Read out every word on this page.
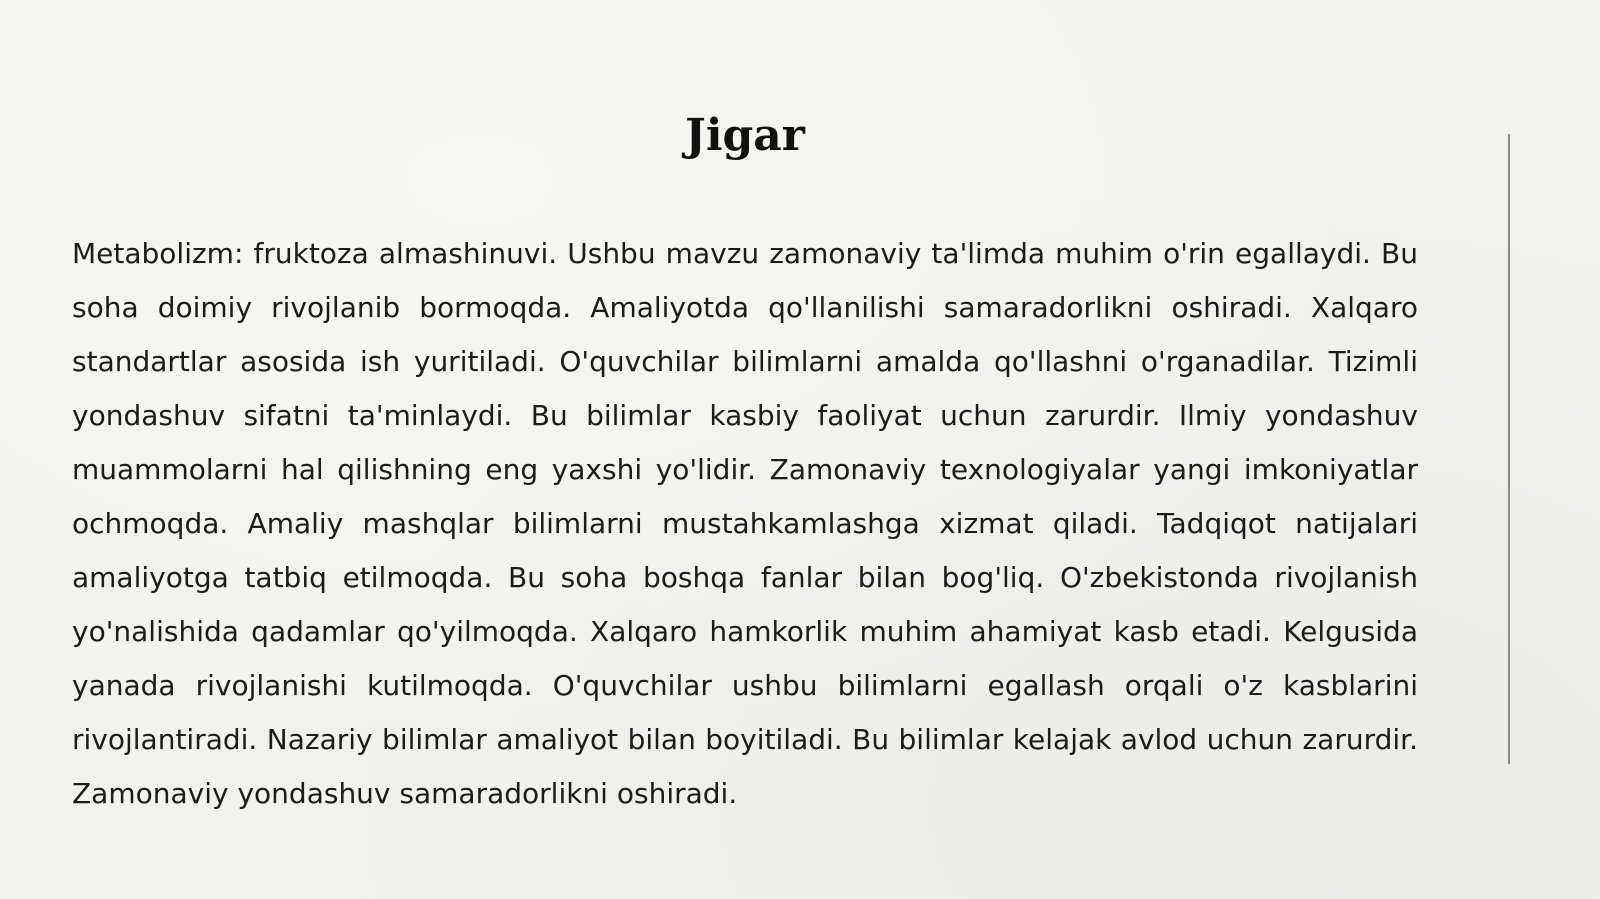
Jigar

Metabolizm: fruktoza almashinuvi. Ushbu mavzu zamonaviy ta'limda muhim o'rin egallaydi. Bu soha doimiy rivojlanib bormoqda. Amaliyotda qo'llanilishi samaradorlikni oshiradi. Xalqaro standartlar asosida ish yuritiladi. O'quvchilar bilimlarni amalda qo'llashni o'rganadilar. Tizimli yondashuv sifatni ta'minlaydi. Bu bilimlar kasbiy faoliyat uchun zarurdir. Ilmiy yondashuv muammolarni hal qilishning eng yaxshi yo'lidir. Zamonaviy texnologiyalar yangi imkoniyatlar ochmoqda. Amaliy mashqlar bilimlarni mustahkamlashga xizmat qiladi. Tadqiqot natijalari amaliyotga tatbiq etilmoqda. Bu soha boshqa fanlar bilan bog'liq. O'zbekistonda rivojlanish yo'nalishida qadamlar qo'yilmoqda. Xalqaro hamkorlik muhim ahamiyat kasb etadi. Kelgusida yanada rivojlanishi kutilmoqda. O'quvchilar ushbu bilimlarni egallash orqali o'z kasblarini rivojlantiradi. Nazariy bilimlar amaliyot bilan boyitiladi. Bu bilimlar kelajak avlod uchun zarurdir. Zamonaviy yondashuv samaradorlikni oshiradi.
